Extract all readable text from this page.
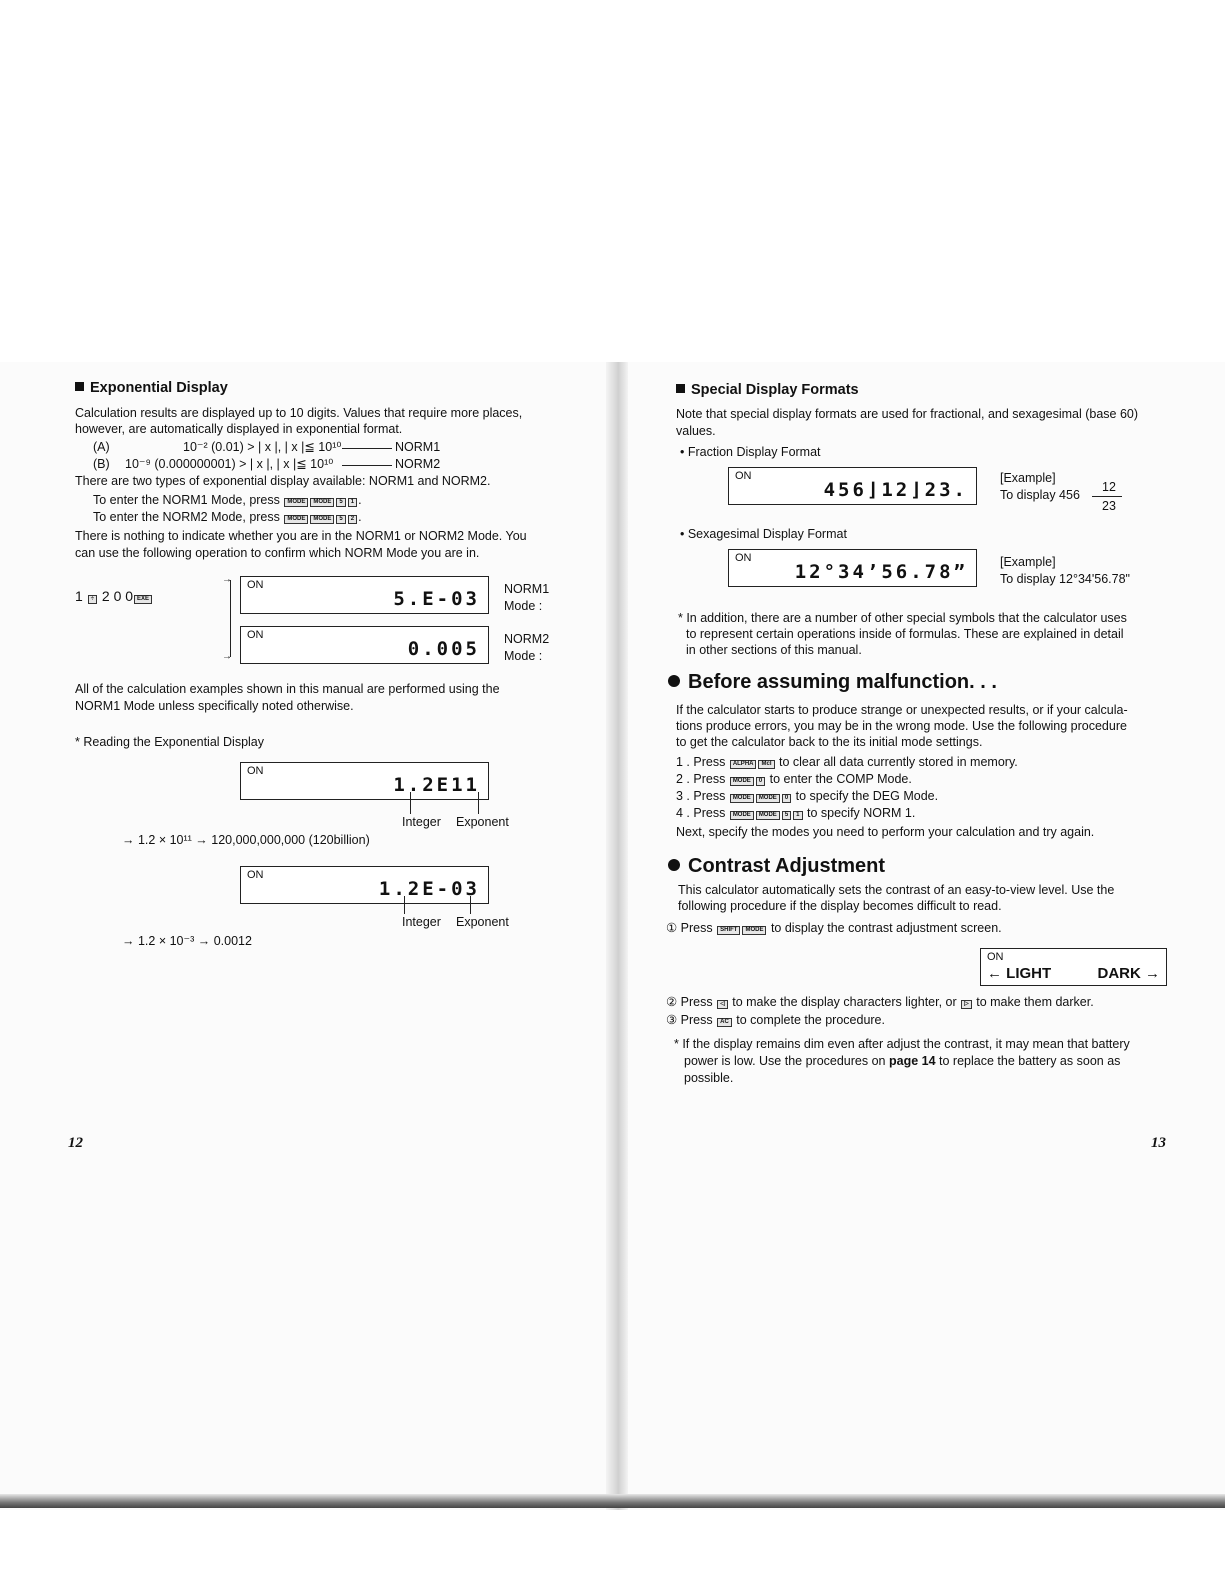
Exponential Display
Calculation results are displayed up to 10 digits. Values that require more places,
however, are automatically displayed in exponential format.
(A)	10⁻² (0.01) > | x |, | x |≦ 10¹⁰	NORM1
(B) 10⁻⁹ (0.000000001) > | x |, | x |≦ 10¹⁰	NORM2
There are two types of exponential display available: NORM1 and NORM2.
To enter the NORM1 Mode, press MODE MODE 5 1 .
To enter the NORM2 Mode, press MODE MODE 5 2 .
There is nothing to indicate whether you are in the NORM1 or NORM2 Mode. You
can use the following operation to confirm which NORM Mode you are in.
1 ÷ 2 0 0 EXE
→
→
ON
5.E-03 NORM1
Mode :
ON
0.005 NORM2
Mode :
All of the calculation examples shown in this manual are performed using the
NORM1 Mode unless specifically noted otherwise.
* Reading the Exponential Display
ON
1.2E11
Integer Exponent
→ 1.2 × 10¹¹ → 120,000,000,000 (120billion)
ON
1.2E-03
Integer Exponent
→ 1.2 × 10⁻³ → 0.0012
12
Special Display Formats
Note that special display formats are used for fractional, and sexagesimal (base 60)
values.
• Fraction Display Format
ON
456⌋12⌋23.
[Example]
To display 456
12
23
• Sexagesimal Display Format
ON
12°34’56.78”	[Example]
To display 12°34'56.78"
* In addition, there are a number of other special symbols that the calculator uses
to represent certain operations inside of formulas. These are explained in detail
in other sections of this manual.
Before assuming malfunction. . .
If the calculator starts to produce strange or unexpected results, or if your calcula-
tions produce errors, you may be in the wrong mode. Use the following procedure
to get the calculator back to the its initial mode settings.
1 . Press ALPHA McI to clear all data currently stored in memory.
2 . Press MODE 0 to enter the COMP Mode.
3 . Press MODE MODE 0 to specify the DEG Mode.
4 . Press MODE MODE 5 1 to specify NORM 1.
Next, specify the modes you need to perform your calculation and try again.
Contrast Adjustment
This calculator automatically sets the contrast of an easy-to-view level. Use the
following procedure if the display becomes difficult to read.
① Press SHIFT MODE to display the contrast adjustment screen.
ON
← LIGHT	DARK →
② Press ◁ to make the display characters lighter, or ▷ to make them darker.
③ Press AC to complete the procedure.
* If the display remains dim even after adjust the contrast, it may mean that battery
power is low. Use the procedures on page 14 to replace the battery as soon as
possible.
13
